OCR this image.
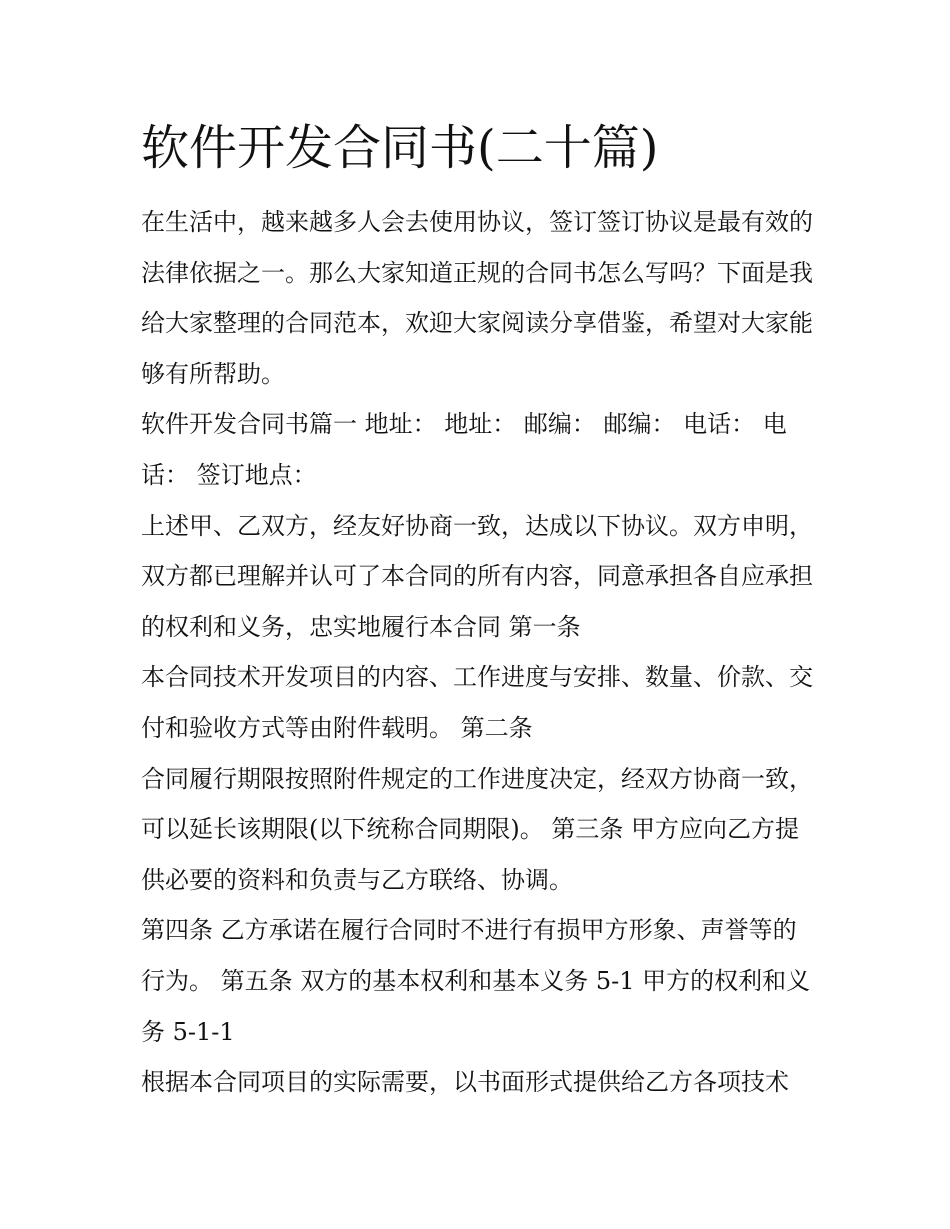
软件开发合同书(二十篇)

在生活中，越来越多人会去使用协议，签订签订协议是最有效的法律依据之一。那么大家知道正规的合同书怎么写吗？下面是我给大家整理的合同范本，欢迎大家阅读分享借鉴，希望对大家能够有所帮助。

软件开发合同书篇一 地址： 地址： 邮编： 邮编： 电话： 电话： 签订地点：

上述甲、乙双方，经友好协商一致，达成以下协议。双方申明，双方都已理解并认可了本合同的所有内容，同意承担各自应承担的权利和义务，忠实地履行本合同 第一条

本合同技术开发项目的内容、工作进度与安排、数量、价款、交付和验收方式等由附件载明。 第二条

合同履行期限按照附件规定的工作进度决定，经双方协商一致，可以延长该期限(以下统称合同期限)。 第三条 甲方应向乙方提供必要的资料和负责与乙方联络、协调。

第四条 乙方承诺在履行合同时不进行有损甲方形象、声誉等的行为。 第五条 双方的基本权利和基本义务 5-1 甲方的权利和义务 5-1-1

根据本合同项目的实际需要，以书面形式提供给乙方各项技术
